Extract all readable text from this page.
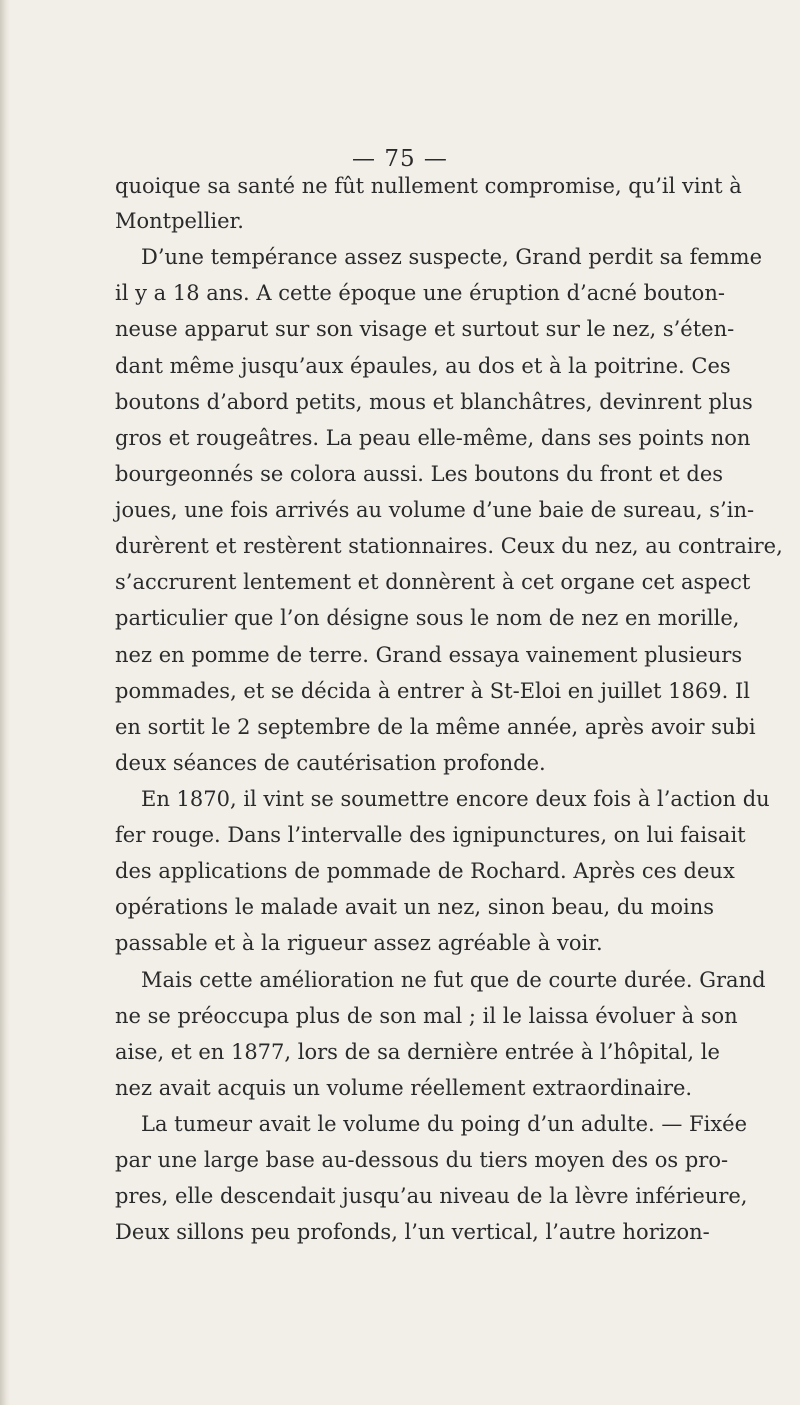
— 75 —
quoique sa santé ne fût nullement compromise, qu’il vint à
Montpellier.
D’une tempérance assez suspecte, Grand perdit sa femme
il y a 18 ans. A cette époque une éruption d’acné bouton-
neuse apparut sur son visage et surtout sur le nez, s’éten-
dant même jusqu’aux épaules, au dos et à la poitrine. Ces
boutons d’abord petits, mous et blanchâtres, devinrent plus
gros et rougeâtres. La peau elle-même, dans ses points non
bourgeonnés se colora aussi. Les boutons du front et des
joues, une fois arrivés au volume d’une baie de sureau, s’in-
durèrent et restèrent stationnaires. Ceux du nez, au contraire,
s’accrurent lentement et donnèrent à cet organe cet aspect
particulier que l’on désigne sous le nom de nez en morille,
nez en pomme de terre. Grand essaya vainement plusieurs
pommades, et se décida à entrer à St-Eloi en juillet 1869. Il
en sortit le 2 septembre de la même année, après avoir subi
deux séances de cautérisation profonde.
En 1870, il vint se soumettre encore deux fois à l’action du
fer rouge. Dans l’intervalle des ignipunctures, on lui faisait
des applications de pommade de Rochard. Après ces deux
opérations le malade avait un nez, sinon beau, du moins
passable et à la rigueur assez agréable à voir.
Mais cette amélioration ne fut que de courte durée. Grand
ne se préoccupa plus de son mal ; il le laissa évoluer à son
aise, et en 1877, lors de sa dernière entrée à l’hôpital, le
nez avait acquis un volume réellement extraordinaire.
La tumeur avait le volume du poing d’un adulte. — Fixée
par une large base au-dessous du tiers moyen des os pro-
pres, elle descendait jusqu’au niveau de la lèvre inférieure,
Deux sillons peu profonds, l’un vertical, l’autre horizon-
